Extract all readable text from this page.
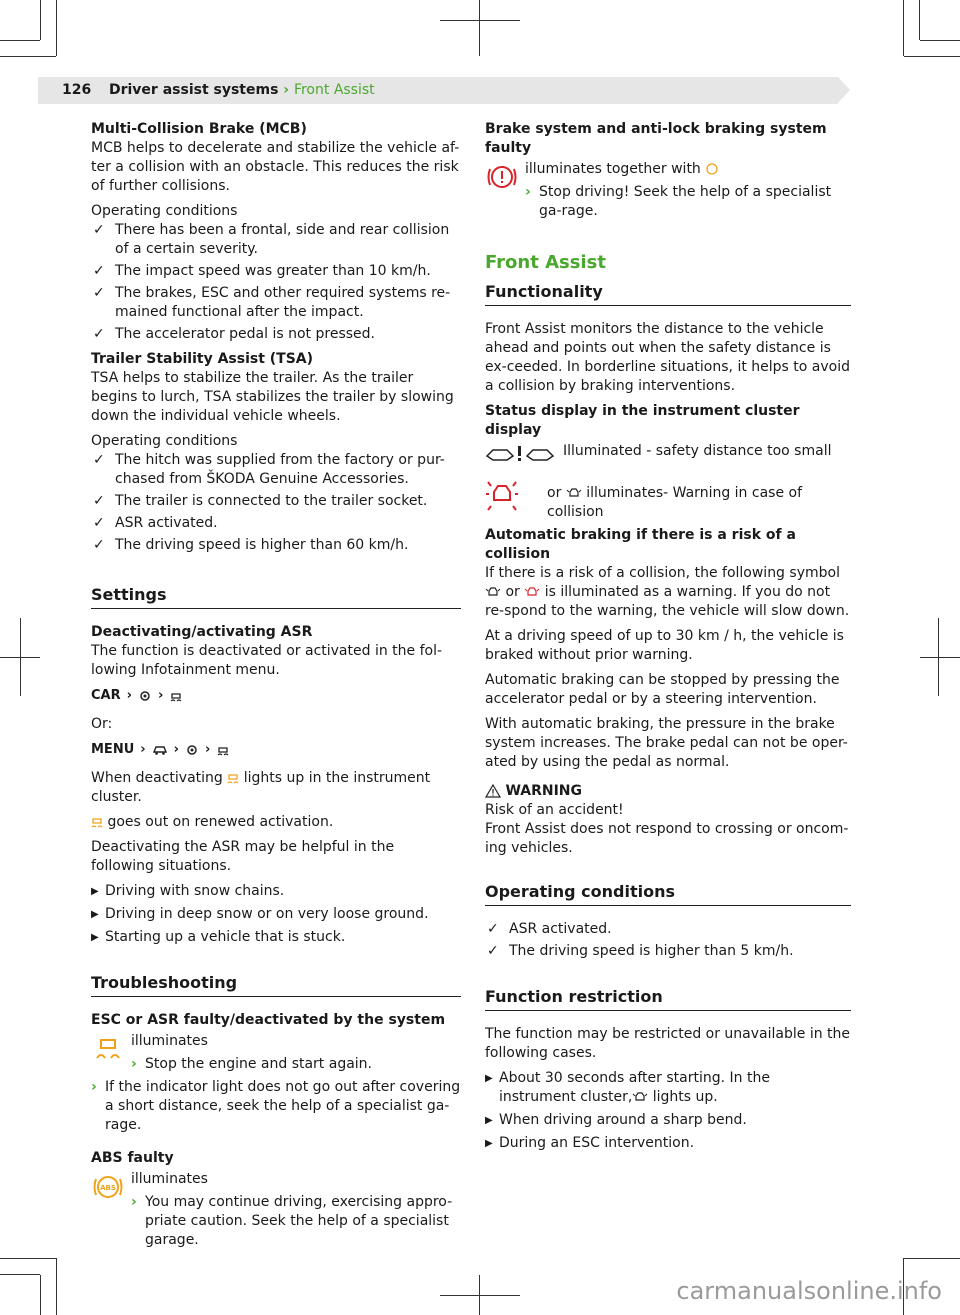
126 Driver assist systems › Front Assist

Multi-Collision Brake (MCB)
MCB helps to decelerate and stabilize the vehicle af-ter a collision with an obstacle. This reduces the risk of further collisions.

Operating conditions

✓ There has been a frontal, side and rear collision of a certain severity.
✓ The impact speed was greater than 10 km/h.
✓ The brakes, ESC and other required systems re-mained functional after the impact.
✓ The accelerator pedal is not pressed.

Trailer Stability Assist (TSA)
TSA helps to stabilize the trailer. As the trailer begins to lurch, TSA stabilizes the trailer by slowing down the individual vehicle wheels.

Operating conditions

✓ The hitch was supplied from the factory or pur-chased from ŠKODA Genuine Accessories.
✓ The trailer is connected to the trailer socket.
✓ ASR activated.
✓ The driving speed is higher than 60 km/h.
Settings

Deactivating/activating ASR
The function is deactivated or activated in the fol-lowing Infotainment menu.

CAR › ›

Or:

MENU › › ›

When deactivating lights up in the instrument cluster.

goes out on renewed activation.

Deactivating the ASR may be helpful in the following situations.

▶ Driving with snow chains.
▶ Driving in deep snow or on very loose ground.
▶ Starting up a vehicle that is stuck.
Troubleshooting

ESC or ASR faulty/deactivated by the system

illuminates
› Stop the engine and start again.
› If the indicator light does not go out after covering a short distance, seek the help of a specialist ga-rage.

ABS faulty

ABS
illuminates
› You may continue driving, exercising appro-priate caution. Seek the help of a specialist garage.

Brake system and anti-lock braking system faulty

illuminates together with
› Stop driving! Seek the help of a specialist ga-rage.
Front Assist
Functionality

Front Assist monitors the distance to the vehicle ahead and points out when the safety distance is ex-ceeded. In borderline situations, it helps to avoid a collision by braking interventions.

Status display in the instrument cluster display

Illuminated - safety distance too small
or illuminates- Warning in case of collision

Automatic braking if there is a risk of a collision
If there is a risk of a collision, the following symbol  or is illuminated as a warning. If you do not re-spond to the warning, the vehicle will slow down.

At a driving speed of up to 30 km / h, the vehicle is braked without prior warning.

Automatic braking can be stopped by pressing the accelerator pedal or by a steering intervention.

With automatic braking, the pressure in the brake system increases. The brake pedal can not be oper-ated by using the pedal as normal.

WARNING
Risk of an accident!
Front Assist does not respond to crossing or oncom-ing vehicles.

Operating conditions
✓ ASR activated.
✓ The driving speed is higher than 5 km/h.
Function restriction

The function may be restricted or unavailable in the following cases.

▶ About 30 seconds after starting. In the instrument cluster, lights up.
▶ When driving around a sharp bend.
▶ During an ESC intervention.
carmanualsonline.info
